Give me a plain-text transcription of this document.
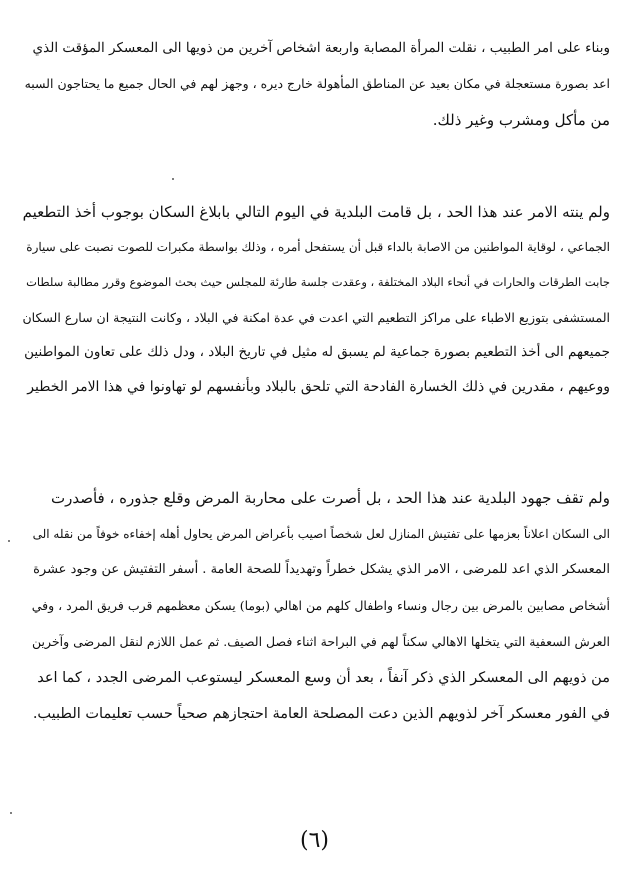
وبناء على امر الطبيب ، نقلت المرأة المصابة واربعة اشخاص آخرين من ذويها الى المعسكر المؤقت الذي
اعد بصورة مستعجلة في مكان بعيد عن المناطق المأهولة خارج ديره ، وجهز لهم في الحال جميع ما يحتاجون السبه
من مأكل ومشرب وغير ذلك.
ولم ينته الامر عند هذا الحد ، بل قامت البلدية في اليوم التالي بابلاغ السكان بوجوب أخذ التطعيم
الجماعي ، لوقاية المواطنين من الاصابة بالداء قبل أن يستفحل أمره ، وذلك بواسطة مكبرات للصوت نصبت على سيارة
جابت الطرقات والحارات في أنحاء البلاد المختلفة ، وعقدت جلسة طارئة للمجلس حيث بحث الموضوع وقرر مطالبة سلطات
المستشفى بتوزيع الاطباء على مراكز التطعيم التي اعدت في عدة امكنة في البلاد ، وكانت النتيجة ان سارع السكان
جميعهم الى أخذ التطعيم بصورة جماعية لم يسبق له مثيل في تاريخ البلاد ، ودل ذلك على تعاون المواطنين
ووعيهم ، مقدرين في ذلك الخسارة الفادحة التي تلحق بالبلاد وبأنفسهم لو تهاونوا في هذا الامر الخطير
ولم تقف جهود البلدية عند هذا الحد ، بل أصرت على محاربة المرض وقلع جذوره ، فأصدرت
الى السكان اعلاناً بعزمها على تفتيش المنازل لعل شخصاً اصيب بأعراض المرض يحاول أهله إخفاءه خوفاً من نقله الى
المعسكر الذي اعد للمرضى ، الامر الذي يشكل خطراً وتهديداً للصحة العامة . أسفر التفتيش عن وجود عشرة
أشخاص مصابين بالمرض بين رجال ونساء واطفال كلهم من اهالي (بوما) يسكن معظمهم قرب فريق المرد ، وفي
العرش السعفية التي يتخلها الاهالي سكناً لهم في البراحة اثناء فصل الصيف. ثم عمل اللازم لنقل المرضى وآخرين
من ذويهم الى المعسكر الذي ذكر آنفاً ، بعد أن وسع المعسكر ليستوعب المرضى الجدد ، كما اعد
في الفور معسكر آخر لذويهم الذين دعت المصلحة العامة احتجازهم صحياً حسب تعليمات الطبيب.
(٦)
